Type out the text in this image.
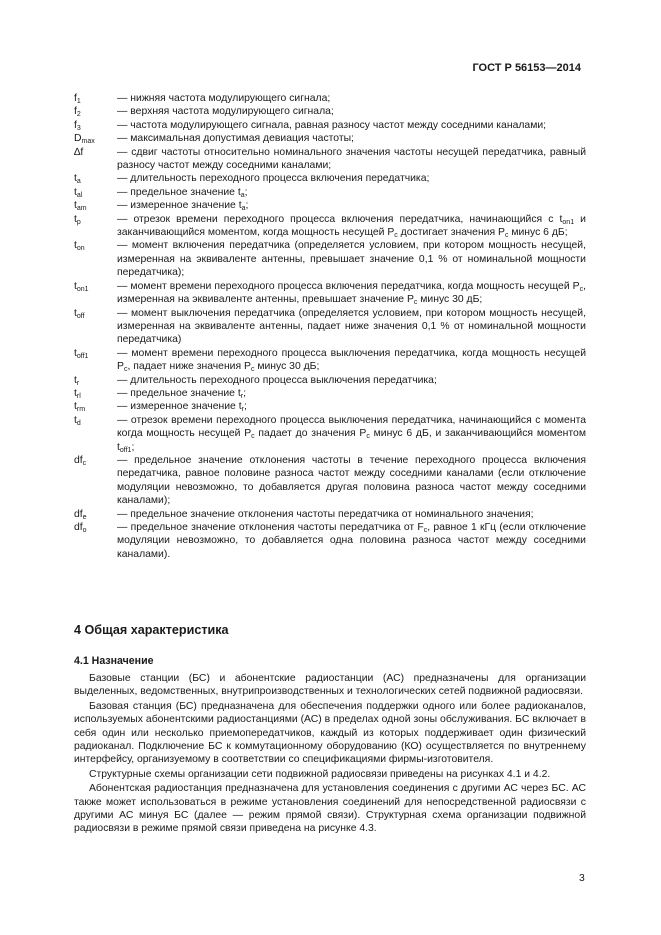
ГОСТ Р 56153—2014
$f_1$	— нижняя частота модулирующего сигнала;
$f_2$	— верхняя частота модулирующего сигнала;
$f_3$	— частота модулирующего сигнала, равная разносу частот между соседними каналами;
$D_{max}$	— максимальная допустимая девиация частоты;
∆f	— сдвиг частоты относительно номинального значения частоты несущей передатчика, равный разносу частот между соседними каналами;
$t_a$	— длительность переходного процесса включения передатчика;
$t_{al}$	— предельное значение $t_a$;
$t_{am}$	— измеренное значение $t_a$;
$t_p$	— отрезок времени переходного процесса включения передатчика, начинающийся с $t_{on1}$ и заканчивающийся моментом, когда мощность несущей $P_c$ достигает значения $P_c$ минус 6 дБ;
$t_{on}$	— момент включения передатчика (определяется условием, при котором мощность несущей, измеренная на эквиваленте антенны, превышает значение 0,1 % от номинальной мощности передатчика);
$t_{on1}$	— момент времени переходного процесса включения передатчика, когда мощность несущей $P_c$, измеренная на эквиваленте антенны, превышает значение $P_c$ минус 30 дБ;
$t_{off}$	— момент выключения передатчика (определяется условием, при котором мощность несущей, измеренная на эквиваленте антенны, падает ниже значения 0,1 % от номинальной мощности передатчика)
$t_{off1}$	— момент времени переходного процесса выключения передатчика, когда мощность несущей $P_c$, падает ниже значения $P_c$ минус 30 дБ;
$t_r$	— длительность переходного процесса выключения передатчика;
$t_{rl}$	— предельное значение $t_r$;
$t_{rm}$	— измеренное значение $t_r$;
$t_d$	— отрезок времени переходного процесса выключения передатчика, начинающийся с момента когда мощность несущей $P_c$ падает до значения $P_c$ минус 6 дБ, и заканчивающийся моментом $t_{off1}$;
$df_c$	— предельное значение отклонения частоты в течение переходного процесса включения передатчика, равное половине разноса частот между соседними каналами (если отключение модуляции невозможно, то добавляется другая половина разноса частот между соседними каналами);
$df_e$	— предельное значение отклонения частоты передатчика от номинального значения;
$df_o$	— предельное значение отклонения частоты передатчика от $F_c$, равное 1 кГц (если отключение модуляции невозможно, то добавляется одна половина разноса частот между соседними каналами).
4 Общая характеристика
4.1 Назначение

Базовые станции (БС) и абонентские радиостанции (АС) предназначены для организации выделенных, ведомственных, внутрипроизводственных и технологических сетей подвижной радиосвязи.

Базовая станция (БС) предназначена для обеспечения поддержки одного или более радиоканалов, используемых абонентскими радиостанциями (АС) в пределах одной зоны обслуживания. БС включает в себя один или несколько приемопередатчиков, каждый из которых поддерживает один физический радиоканал. Подключение БС к коммутационному оборудованию (КО) осуществляется по внутреннему интерфейсу, организуемому в соответствии со спецификациями фирмы-изготовителя.

Структурные схемы организации сети подвижной радиосвязи приведены на рисунках 4.1 и 4.2.

Абонентская радиостанция предназначена для установления соединения с другими АС через БС. АС также может использоваться в режиме установления соединений для непосредственной радиосвязи с другими АС минуя БС (далее — режим прямой связи). Структурная схема организации подвижной радиосвязи в режиме прямой связи приведена на рисунке 4.3.

3
